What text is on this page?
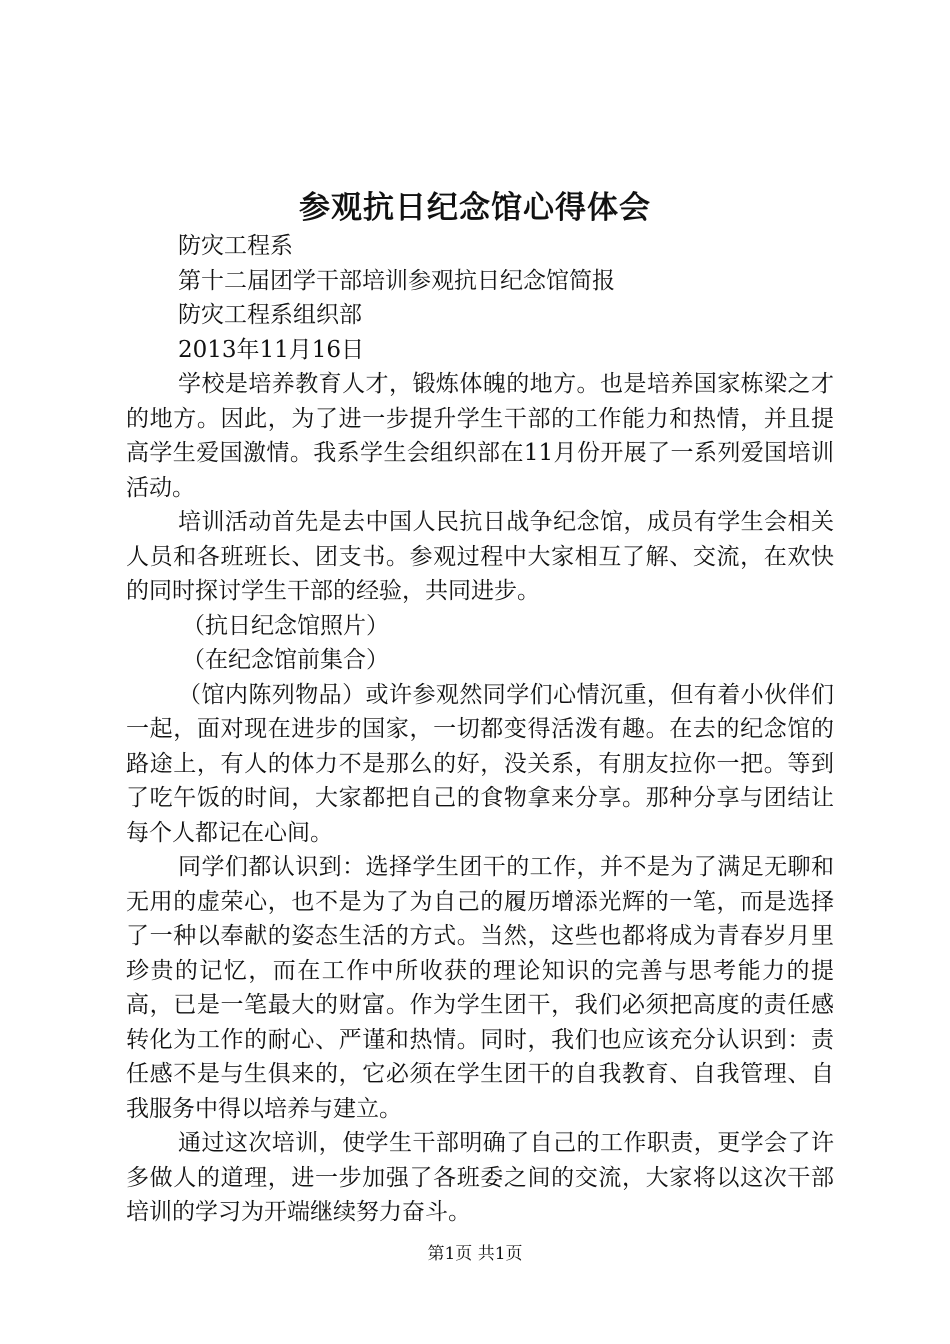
参观抗日纪念馆心得体会
防灾工程系
第十二届团学干部培训参观抗日纪念馆简报
防灾工程系组织部
2013年11月16日

学校是培养教育人才，锻炼体魄的地方。也是培养国家栋梁之才的地方。因此，为了进一步提升学生干部的工作能力和热情，并且提高学生爱国激情。我系学生会组织部在11月份开展了一系列爱国培训活动。

培训活动首先是去中国人民抗日战争纪念馆，成员有学生会相关人员和各班班长、团支书。参观过程中大家相互了解、交流，在欢快的同时探讨学生干部的经验，共同进步。

（抗日纪念馆照片）
（在纪念馆前集合）

（馆内陈列物品）或许参观然同学们心情沉重，但有着小伙伴们一起，面对现在进步的国家，一切都变得活泼有趣。在去的纪念馆的路途上，有人的体力不是那么的好，没关系，有朋友拉你一把。等到了吃午饭的时间，大家都把自己的食物拿来分享。那种分享与团结让每个人都记在心间。

同学们都认识到：选择学生团干的工作，并不是为了满足无聊和无用的虚荣心，也不是为了为自己的履历增添光辉的一笔，而是选择了一种以奉献的姿态生活的方式。当然，这些也都将成为青春岁月里珍贵的记忆，而在工作中所收获的理论知识的完善与思考能力的提高，已是一笔最大的财富。作为学生团干，我们必须把高度的责任感转化为工作的耐心、严谨和热情。同时，我们也应该充分认识到：责任感不是与生俱来的，它必须在学生团干的自我教育、自我管理、自我服务中得以培养与建立。

通过这次培训，使学生干部明确了自己的工作职责，更学会了许多做人的道理，进一步加强了各班委之间的交流，大家将以这次干部培训的学习为开端继续努力奋斗。

第1页 共1页
